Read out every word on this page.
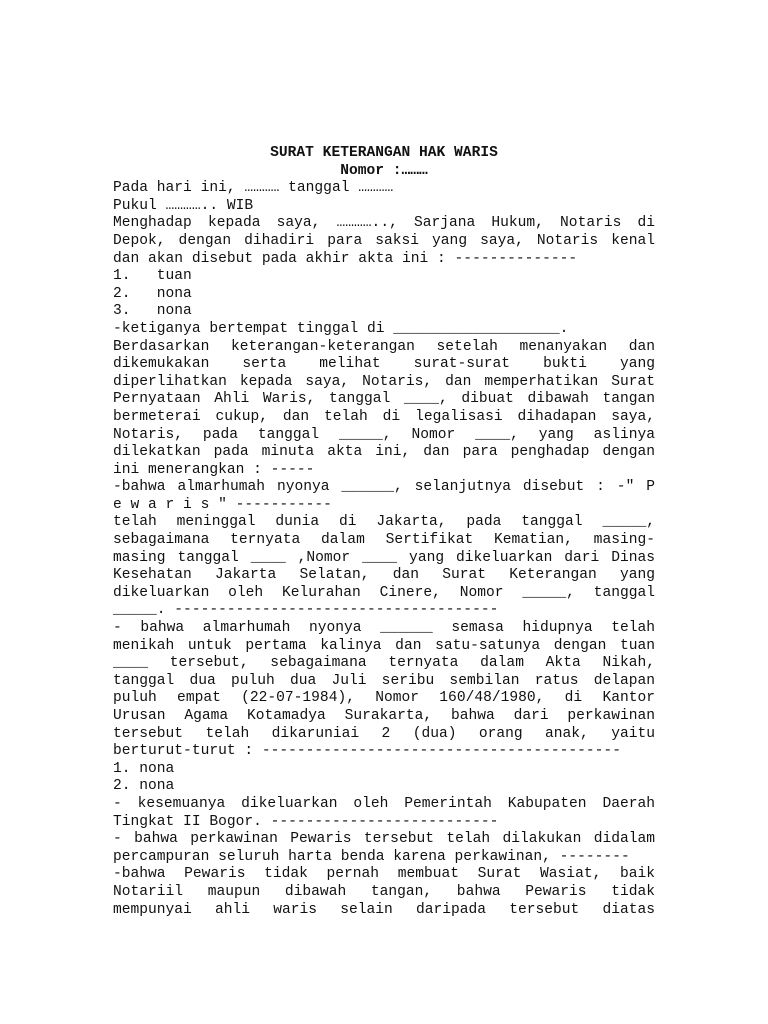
SURAT KETERANGAN HAK WARIS
Nomor :………
Pada hari ini, ………… tanggal …………
Pukul ………….. WIB
Menghadap kepada saya, ………….., Sarjana Hukum, Notaris di
Depok, dengan dihadiri para saksi yang saya, Notaris kenal
dan akan disebut pada akhir akta ini : --------------
1.   tuan
2.   nona
3.   nona
-ketiganya bertempat tinggal di ___________________.
Berdasarkan keterangan-keterangan setelah menanyakan dan
dikemukakan serta melihat surat-surat bukti yang
diperlihatkan kepada saya, Notaris, dan memperhatikan Surat
Pernyataan Ahli Waris, tanggal ____, dibuat dibawah tangan
bermeterai cukup, dan telah di legalisasi dihadapan saya,
Notaris, pada tanggal _____, Nomor ____, yang aslinya
dilekatkan pada minuta akta ini, dan para penghadap dengan
ini menerangkan : -----
-bahwa almarhumah nyonya ______, selanjutnya disebut : -" P
e w a r i s " -----------
telah meninggal dunia di Jakarta, pada tanggal _____,
sebagaimana ternyata dalam Sertifikat Kematian, masing-
masing tanggal ____ ,Nomor ____ yang dikeluarkan dari Dinas
Kesehatan Jakarta Selatan, dan Surat Keterangan yang
dikeluarkan oleh Kelurahan Cinere, Nomor _____, tanggal
_____. -------------------------------------
- bahwa almarhumah nyonya ______ semasa hidupnya telah
menikah untuk pertama kalinya dan satu-satunya dengan tuan
____ tersebut, sebagaimana ternyata dalam Akta Nikah,
tanggal dua puluh dua Juli seribu sembilan ratus delapan
puluh empat (22-07-1984), Nomor 160/48/1980, di Kantor
Urusan Agama Kotamadya Surakarta, bahwa dari perkawinan
tersebut telah dikaruniai 2 (dua) orang anak, yaitu
berturut-turut : -----------------------------------------
1. nona
2. nona
- kesemuanya dikeluarkan oleh Pemerintah Kabupaten Daerah
Tingkat II Bogor. --------------------------
- bahwa perkawinan Pewaris tersebut telah dilakukan didalam
percampuran seluruh harta benda karena perkawinan, --------
-bahwa Pewaris tidak pernah membuat Surat Wasiat, baik
Notariil maupun dibawah tangan, bahwa Pewaris tidak
mempunyai ahli waris selain daripada tersebut diatas
